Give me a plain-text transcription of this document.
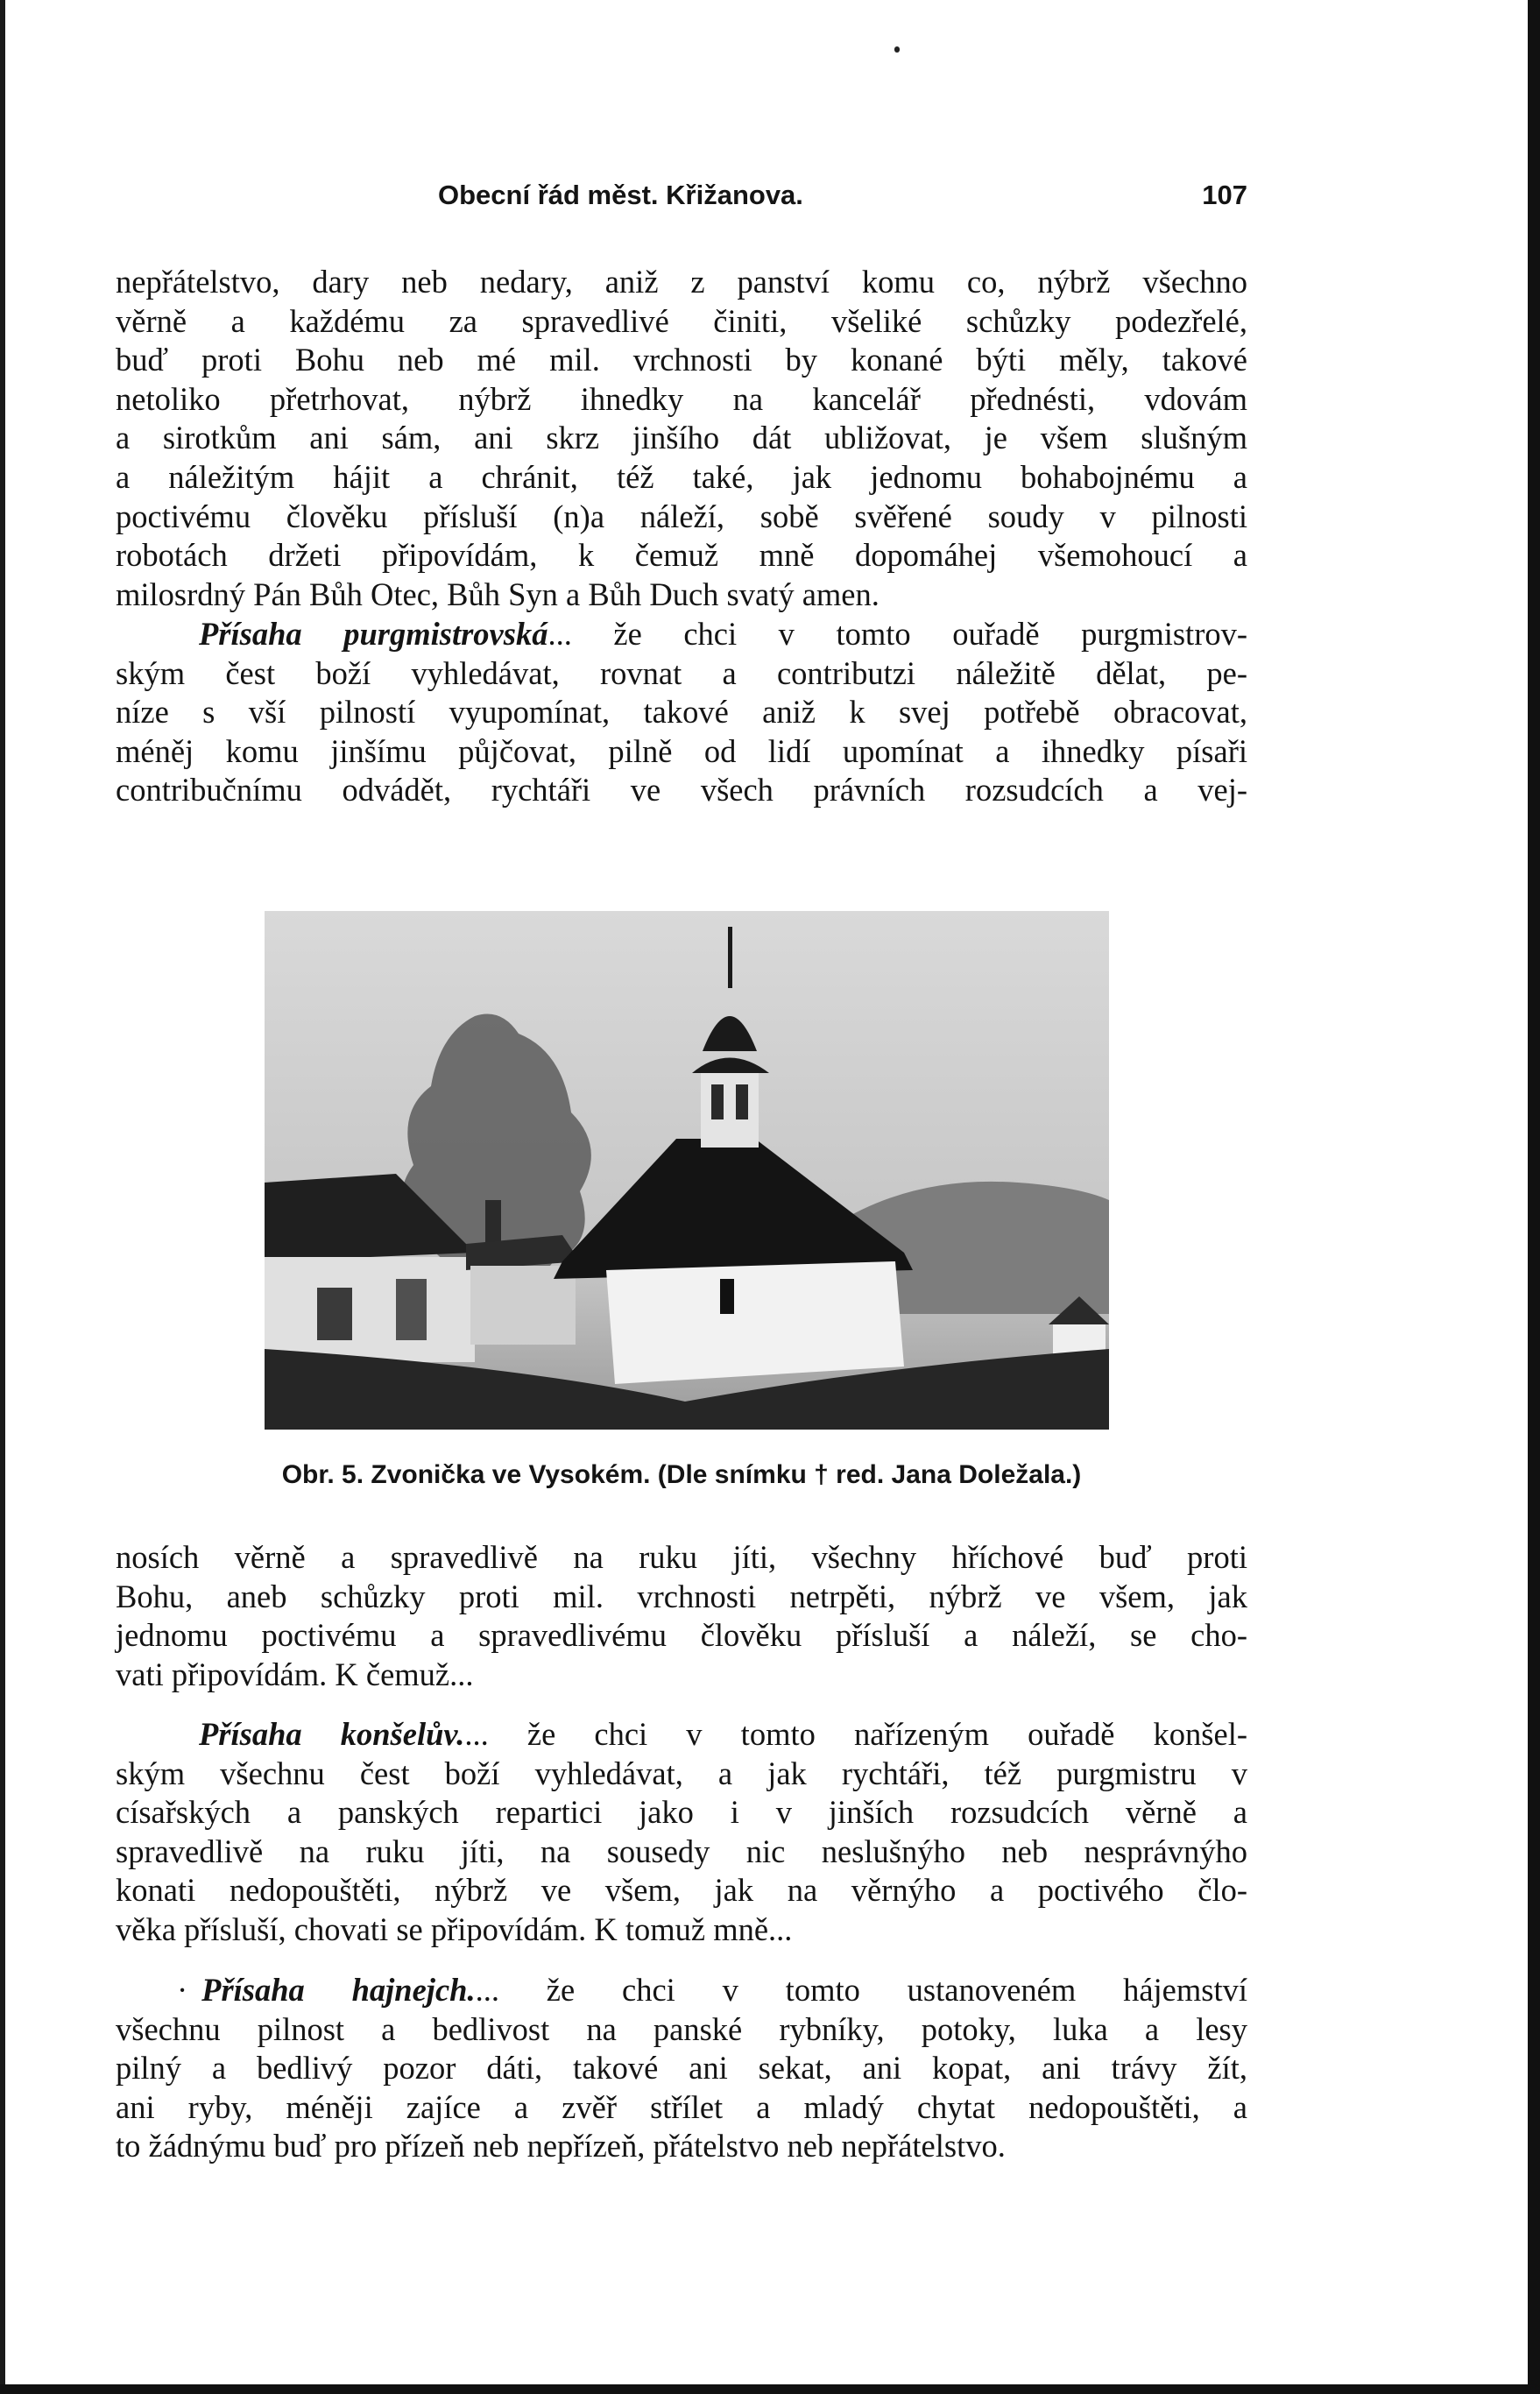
Obecní řád měst. Křižanova.	107
nepřátelstvo, dary neb nedary, aniž z panství komu co, nýbrž všechno
věrně a každému za spravedlivé činiti, všeliké schůzky podezřelé,
buď proti Bohu neb mé mil. vrchnosti by konané býti měly, takové
netoliko přetrhovat, nýbrž ihnedky na kancelář přednésti, vdovám
a sirotkům ani sám, ani skrz jinšího dát ubližovat, je všem slušným
a náležitým hájit a chránit, též také, jak jednomu bohabojnému a
poctivému člověku přísluší (n)a náleží, sobě svěřené soudy v pilnosti
robotách držeti připovídám, k čemuž mně dopomáhej všemohoucí a
milosrdný Pán Bůh Otec, Bůh Syn a Bůh Duch svatý amen.
Přísaha purgmistrovská... že chci v tomto ouřadě purgmistrov-
ským čest boží vyhledávat, rovnat a contributzi náležitě dělat, pe-
níze s vší pilností vyupomínat, takové aniž k svej potřebě obracovat,
méněj komu jinšímu půjčovat, pilně od lidí upomínat a ihnedky písaři
contribučnímu odvádět, rychtáři ve všech právních rozsudcích a vej-
Obr. 5. Zvonička ve Vysokém. (Dle snímku † red. Jana Doležala.)
nosích věrně a spravedlivě na ruku jíti, všechny hříchové buď proti
Bohu, aneb schůzky proti mil. vrchnosti netrpěti, nýbrž ve všem, jak
jednomu poctivému a spravedlivému člověku přísluší a náleží, se cho-
vati připovídám. K čemuž...
Přísaha konšelův.... že chci v tomto nařízeným ouřadě konšel-
ským všechnu čest boží vyhledávat, a jak rychtáři, též purgmistru v
císařských a panských repartici jako i v jinších rozsudcích věrně a
spravedlivě na ruku jíti, na sousedy nic neslušnýho neb nesprávnýho
konati nedopouštěti, nýbrž ve všem, jak na věrnýho a poctivého člo-
věka přísluší, chovati se připovídám. K tomuž mně...
· Přísaha hajnejch.... že chci v tomto ustanoveném hájemství
všechnu pilnost a bedlivost na panské rybníky, potoky, luka a lesy
pilný a bedlivý pozor dáti, takové ani sekat, ani kopat, ani trávy žít,
ani ryby, méněji zajíce a zvěř střílet a mladý chytat nedopouštěti, a
to žádnýmu buď pro přízeň neb nepřízeň, přátelstvo neb nepřátelstvo.
